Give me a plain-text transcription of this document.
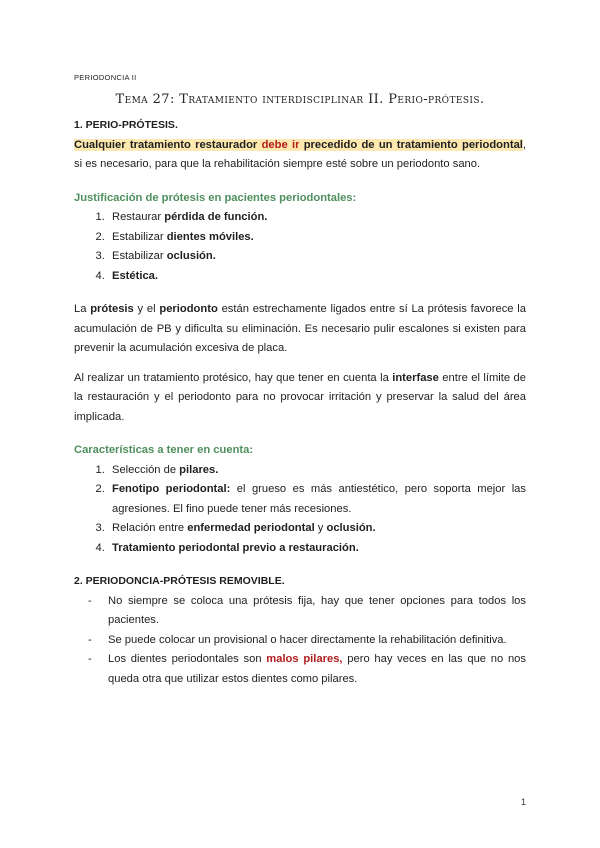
PERIODONCIA II
Tema 27: Tratamiento interdisciplinar II. Perio-prótesis.

1. PERIO-PRÓTESIS.

Cualquier tratamiento restaurador debe ir precedido de un tratamiento periodontal, si es necesario, para que la rehabilitación siempre esté sobre un periodonto sano.

Justificación de prótesis en pacientes periodontales:

1. Restaurar pérdida de función.
2. Estabilizar dientes móviles.
3. Estabilizar oclusión.
4. Estética.

La prótesis y el periodonto están estrechamente ligados entre sí La prótesis favorece la acumulación de PB y dificulta su eliminación. Es necesario pulir escalones si existen para prevenir la acumulación excesiva de placa.

Al realizar un tratamiento protésico, hay que tener en cuenta la interfase entre el límite de la restauración y el periodonto para no provocar irritación y preservar la salud del área implicada.

Características a tener en cuenta:

1. Selección de pilares.
2. Fenotipo periodontal: el grueso es más antiestético, pero soporta mejor las agresiones. El fino puede tener más recesiones.
3. Relación entre enfermedad periodontal y oclusión.
4. Tratamiento periodontal previo a restauración.

2. PERIODONCIA-PRÓTESIS REMOVIBLE.

- No siempre se coloca una prótesis fija, hay que tener opciones para todos los pacientes.
- Se puede colocar un provisional o hacer directamente la rehabilitación definitiva.
- Los dientes periodontales son malos pilares, pero hay veces en las que no nos queda otra que utilizar estos dientes como pilares.
1
